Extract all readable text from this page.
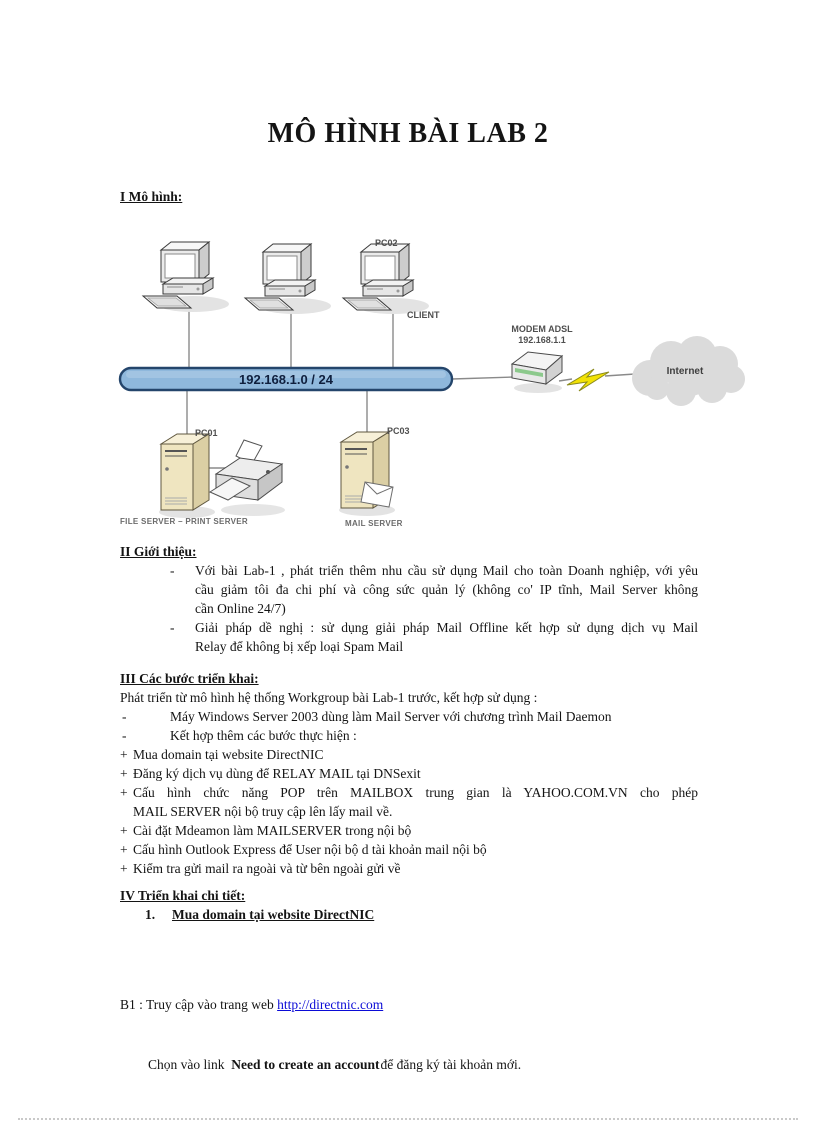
MÔ HÌNH BÀI LAB 2
I Mô hình:
PC02
CLIENT
192.168.1.0 / 24
MODEM ADSL
192.168.1.1
Internet
PC01
FILE SERVER – PRINT SERVER
PC03
MAIL SERVER
II Giới thiệu:
- Với bài Lab-1 , phát triển thêm nhu cầu sử dụng Mail cho toàn Doanh nghiệp, với yêu
cầu giảm tôi đa chi phí và công sức quản lý (không co' IP tĩnh, Mail Server không
cần Online 24/7)
- Giải pháp dề nghị : sử dụng giải pháp Mail Offline kết hợp sử dụng dịch vụ Mail
Relay để không bị xếp loại Spam Mail
III Các bước triển khai:
Phát triển từ mô hình hệ thống Workgroup bài Lab-1 trước, kết hợp sử dụng :
-	Máy Windows Server 2003 dùng làm Mail Server với chương trình Mail Daemon
-	Kết hợp thêm các bước thực hiện :
+ Mua domain tại website DirectNIC
+ Đăng ký dịch vụ dùng để RELAY MAIL tại DNSexit
+ Cấu hình chức năng POP trên MAILBOX trung gian là YAHOO.COM.VN cho phép
MAIL SERVER nội bộ truy cập lên lấy mail về.
+ Cài đặt Mdeamon làm MAILSERVER trong nội bộ
+ Cấu hình Outlook Express để User nội bộ d tài khoản mail nội bộ
+ Kiểm tra gửi mail ra ngoài và từ bên ngoài gửi về
IV Triển khai chi tiết:
1. Mua domain tại website DirectNIC

B1 : Truy cập vào trang web http://directnic.com

Chọn vào link  Need to create an accountđể đăng ký tài khoản mới.
